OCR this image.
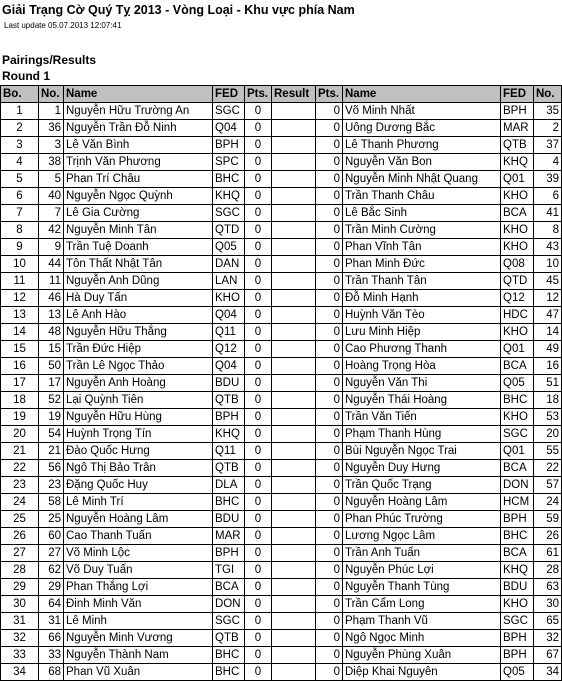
Giải Trạng Cờ Quý Tỵ 2013 - Vòng Loại - Khu vực phía Nam
Last update 05.07.2013 12:07:41
Pairings/Results
Round 1
Bo.	No.	Name	FED	Pts.	Result	Pts.	Name	FED	No.
1	1	Nguyễn Hữu Trường An	SGC	0		0	Võ Minh Nhất	BPH	35
2	36	Nguyễn Trần Đỗ Ninh	Q04	0		0	Uông Dương Bắc	MAR	2
3	3	Lê Văn Bình	BPH	0		0	Lê Thanh Phương	QTB	37
4	38	Trịnh Văn Phương	SPC	0		0	Nguyễn Văn Bon	KHQ	4
5	5	Phan Trí Châu	BHC	0		0	Nguyễn Minh Nhật Quang	Q01	39
6	40	Nguyễn Ngọc Quỳnh	KHQ	0		0	Trần Thanh Châu	KHO	6
7	7	Lê Gia Cường	SGC	0		0	Lê Bắc Sinh	BCA	41
8	42	Nguyễn Minh Tân	QTD	0		0	Trần Minh Cường	KHO	8
9	9	Trần Tuệ Doanh	Q05	0		0	Phan Vĩnh Tân	KHO	43
10	44	Tôn Thất Nhật Tân	DAN	0		0	Phan Minh Đức	Q08	10
11	11	Nguyễn Anh Dũng	LAN	0		0	Trần Thanh Tân	QTD	45
12	46	Hà Duy Tấn	KHO	0		0	Đỗ Minh Hạnh	Q12	12
13	13	Lê Anh Hào	Q04	0		0	Huỳnh Văn Tèo	HDC	47
14	48	Nguyễn Hữu Thắng	Q11	0		0	Lưu Minh Hiệp	KHO	14
15	15	Trần Đức Hiệp	Q12	0		0	Cao Phương Thanh	Q01	49
16	50	Trần Lê Ngọc Thảo	Q04	0		0	Hoàng Trọng Hòa	BCA	16
17	17	Nguyễn Anh Hoàng	BDU	0		0	Nguyễn Văn Thi	Q05	51
18	52	Lại Quỳnh Tiên	QTB	0		0	Nguyễn Thái Hoàng	BHC	18
19	19	Nguyễn Hữu Hùng	BPH	0		0	Trần Văn Tiến	KHO	53
20	54	Huỳnh Trọng Tín	KHQ	0		0	Phạm Thanh Hùng	SGC	20
21	21	Đào Quốc Hưng	Q11	0		0	Bùi Nguyễn Ngọc Trai	Q01	55
22	56	Ngô Thị Bảo Trân	QTB	0		0	Nguyễn Duy Hưng	BCA	22
23	23	Đặng Quốc Huy	DLA	0		0	Trần Quốc Trạng	DON	57
24	58	Lê Minh Trí	BHC	0		0	Nguyễn Hoàng Lâm	HCM	24
25	25	Nguyễn Hoàng Lâm	BDU	0		0	Phan Phúc Trường	BPH	59
26	60	Cao Thanh Tuấn	MAR	0		0	Lương Ngọc Lâm	BHC	26
27	27	Võ Minh Lộc	BPH	0		0	Trần Anh Tuấn	BCA	61
28	62	Võ Duy Tuấn	TGI	0		0	Nguyễn Phúc Lợi	KHQ	28
29	29	Phan Thắng Lợi	BCA	0		0	Nguyễn Thanh Tùng	BDU	63
30	64	Đinh Minh Văn	DON	0		0	Trần Cẩm Long	KHO	30
31	31	Lê Minh	SGC	0		0	Phạm Thanh Vũ	SGC	65
32	66	Nguyễn Minh Vương	QTB	0		0	Ngô Ngọc Minh	BPH	32
33	33	Nguyễn Thành Nam	BHC	0		0	Nguyễn Phùng Xuân	BPH	67
34	68	Phan Vũ Xuân	BHC	0		0	Diệp Khai Nguyên	Q05	34
